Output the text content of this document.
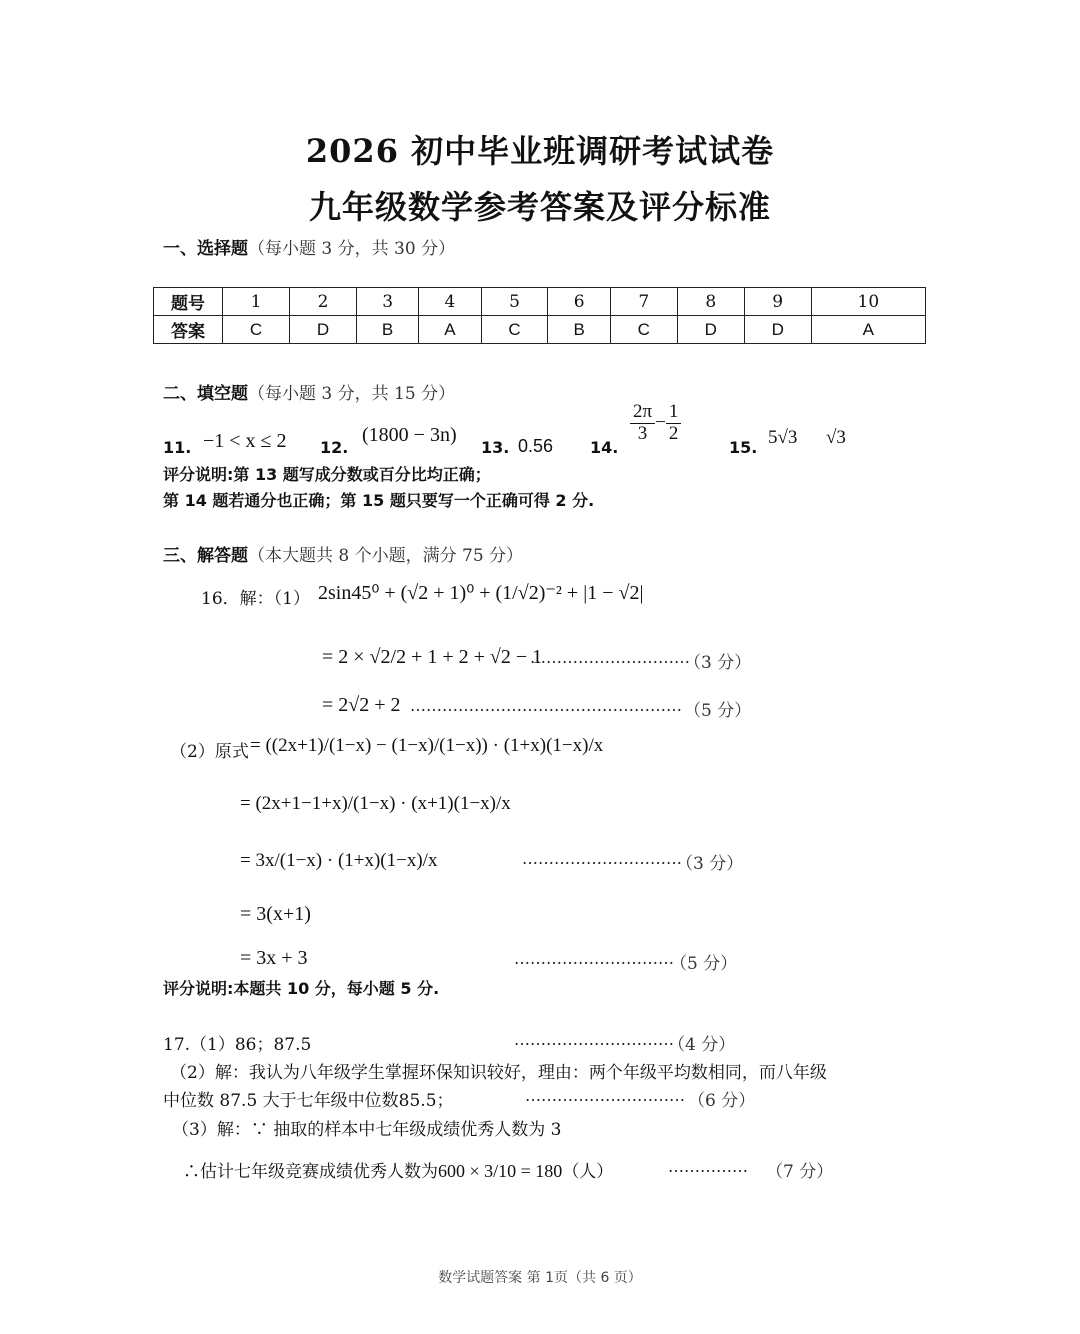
2026 初中毕业班调研考试试卷
九年级数学参考答案及评分标准
一、选择题（每小题 3 分，共 30 分）
题号	1	2	3	4	5	6	7	8	9	10
答案	C	D	B	A	C	B	C	D	D	A
二、填空题（每小题 3 分，共 15 分）
11. −1 < x ≤ 2 12.
(1800 − 3n)
13. 0.56 14.
$\frac{2\pi}{3} - \frac{1}{2}$
15. 5√3 √3
评分说明:第 13 题写成分数或百分比均正确；
第 14 题若通分也正确；第 15 题只要写一个正确可得 2 分.
三、解答题（本大题共 8 个小题，满分 75 分）
16．解：（1） 2sin45⁰ + (√2 + 1)⁰ + (1/√2)⁻² + |1 − √2|
= 2 × √2/2 + 1 + 2 + √2 − 1
…………………………
（3 分）
= 2√2 + 2 …………………………………………… （5 分）
（2）原式 = ((2x+1)/(1−x) − (1−x)/(1−x)) · (1+x)(1−x)/x
= (2x+1−1+x)/(1−x) · (x+1)(1−x)/x
= 3x/(1−x) · (1+x)(1−x)/x	…………………………
（3 分）
= 3(x+1)
= 3x + 3	…………………………
（5 分）
评分说明:本题共 10 分，每小题 5 分.
17.（1）86；87.5	…………………………
（4 分）
（2）解：我认为八年级学生掌握环保知识较好，理由：两个年级平均数相同，而八年级
中位数 87.5 大于七年级中位数85.5；	………………………… （6 分）
（3）解：∵ 抽取的样本中七年级成绩优秀人数为 3
∴估计七年级竞赛成绩优秀人数为600 × 3/10 = 180（人）	…………… （7 分）
数学试题答案 第 1页（共 6 页）
